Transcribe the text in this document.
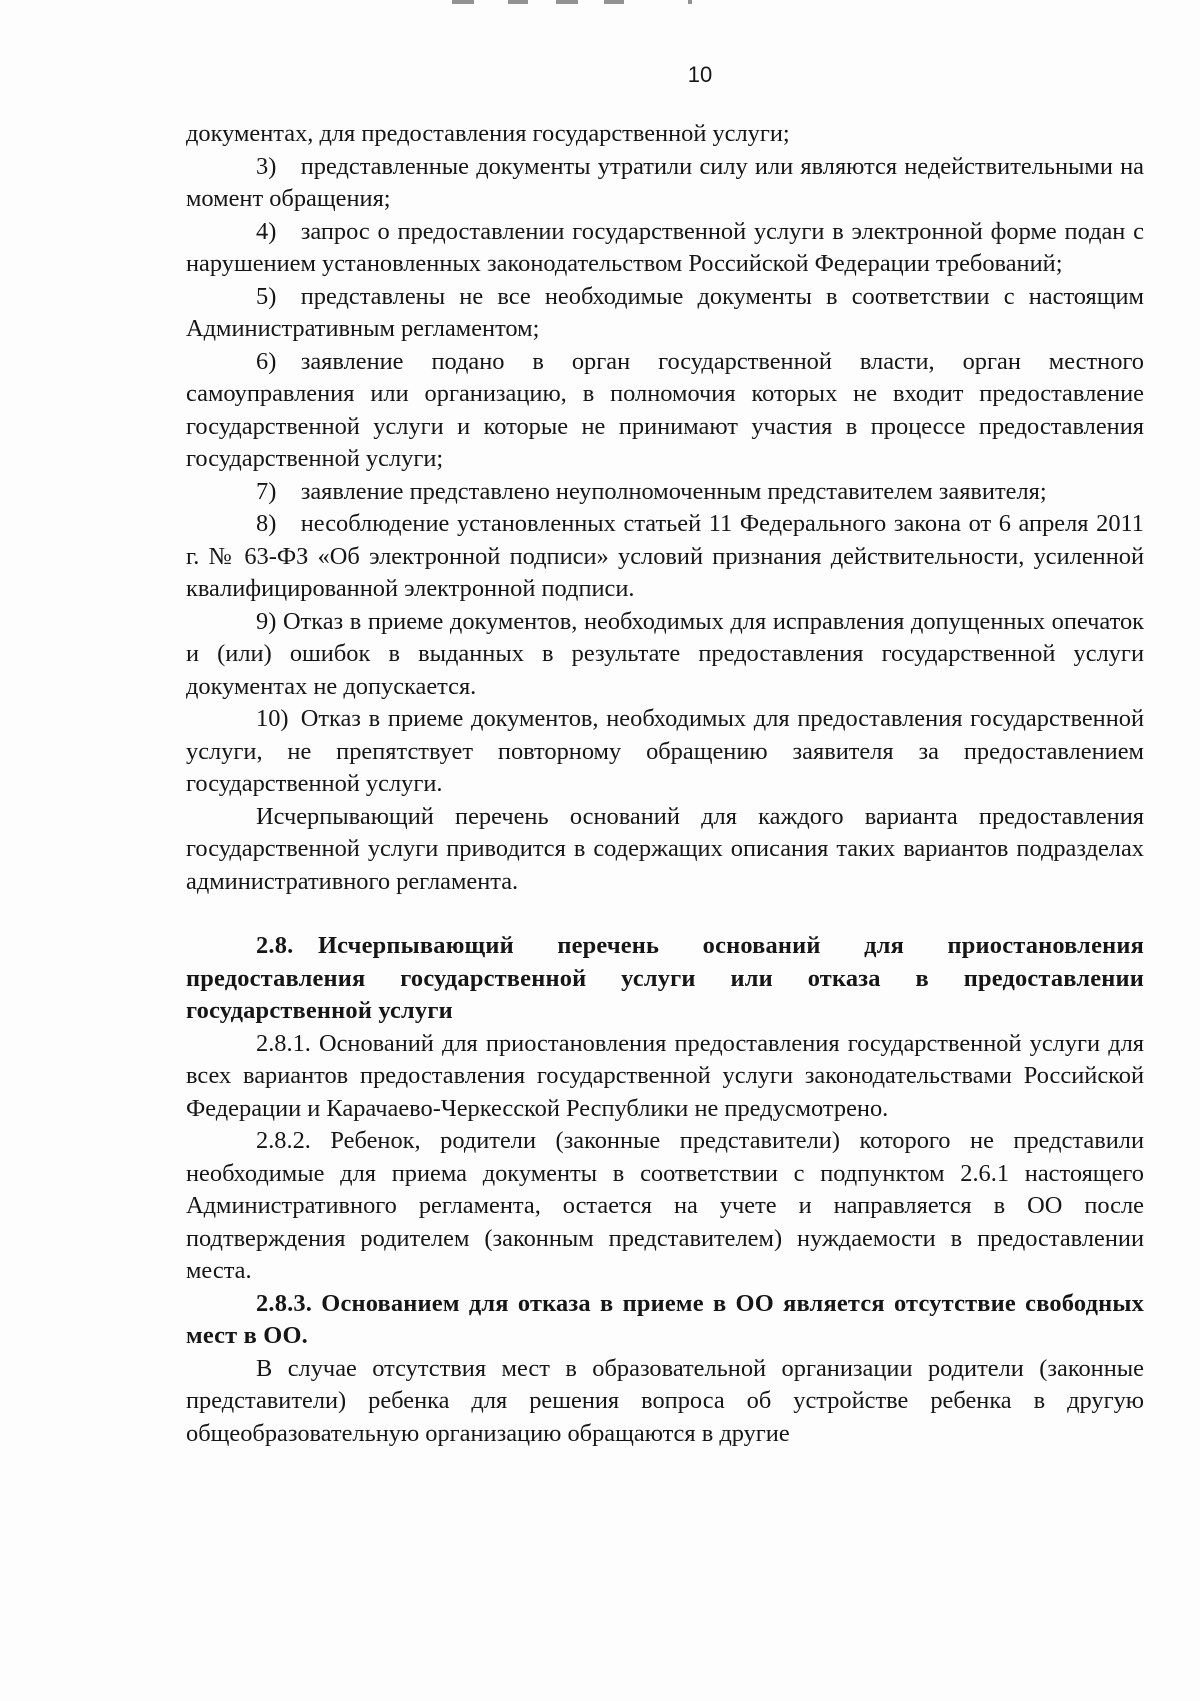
10

документах, для предоставления государственной услуги;

3) представленные документы утратили силу или являются недействительными на момент обращения;

4) запрос о предоставлении государственной услуги в электронной форме подан с нарушением установленных законодательством Российской Федерации требований;

5) представлены не все необходимые документы в соответствии с настоящим Административным регламентом;

6) заявление подано в орган государственной власти, орган местного самоуправления или организацию, в полномочия которых не входит предоставление государственной услуги и которые не принимают участия в процессе предоставления государственной услуги;

7) заявление представлено неуполномоченным представителем заявителя;

8) несоблюдение установленных статьей 11 Федерального закона от 6 апреля 2011 г. № 63-ФЗ «Об электронной подписи» условий признания действительности, усиленной квалифицированной электронной подписи.

9) Отказ в приеме документов, необходимых для исправления допущенных опечаток и (или) ошибок в выданных в результате предоставления государственной услуги документах не допускается.

10) Отказ в приеме документов, необходимых для предоставления государственной услуги, не препятствует повторному обращению заявителя за предоставлением государственной услуги.

Исчерпывающий перечень оснований для каждого варианта предоставления государственной услуги приводится в содержащих описания таких вариантов подразделах административного регламента.

2.8. Исчерпывающий перечень оснований для приостановления предоставления государственной услуги или отказа в предоставлении государственной услуги

2.8.1. Оснований для приостановления предоставления государственной услуги для всех вариантов предоставления государственной услуги законодательствами Российской Федерации и Карачаево-Черкесской Республики не предусмотрено.

2.8.2. Ребенок, родители (законные представители) которого не представили необходимые для приема документы в соответствии с подпунктом 2.6.1 настоящего Административного регламента, остается на учете и направляется в ОО после подтверждения родителем (законным представителем) нуждаемости в предоставлении места.

2.8.3. Основанием для отказа в приеме в ОО является отсутствие свободных мест в ОО.

В случае отсутствия мест в образовательной организации родители (законные представители) ребенка для решения вопроса об устройстве ребенка в другую общеобразовательную организацию обращаются в другие
